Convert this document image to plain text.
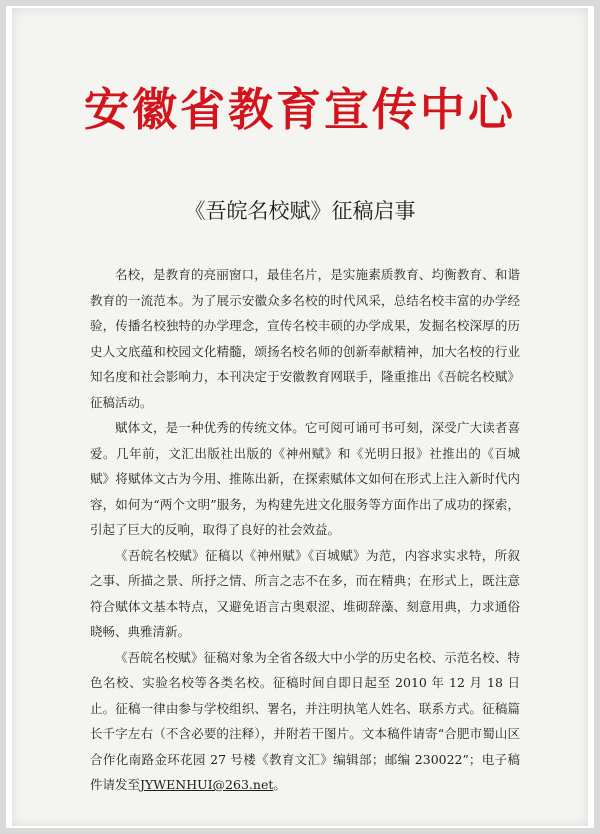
安徽省教育宣传中心
《吾皖名校赋》征稿启事

名校，是教育的亮丽窗口，最佳名片，是实施素质教育、均衡教育、和谐教育的一流范本。为了展示安徽众多名校的时代风采，总结名校丰富的办学经验，传播名校独特的办学理念，宣传名校丰硕的办学成果，发掘名校深厚的历史人文底蕴和校园文化精髓，颂扬名校名师的创新奉献精神，加大名校的行业知名度和社会影响力，本刊决定于安徽教育网联手，隆重推出《吾皖名校赋》征稿活动。

赋体文，是一种优秀的传统文体。它可阅可诵可书可刻，深受广大读者喜爱。几年前，文汇出版社出版的《神州赋》和《光明日报》社推出的《百城赋》将赋体文古为今用、推陈出新，在探索赋体文如何在形式上注入新时代内容，如何为“两个文明”服务，为构建先进文化服务等方面作出了成功的探索，引起了巨大的反响，取得了良好的社会效益。

《吾皖名校赋》征稿以《神州赋》《百城赋》为范，内容求实求特，所叙之事、所描之景、所抒之情、所言之志不在多，而在精典；在形式上，既注意符合赋体文基本特点，又避免语言古奥艰涩、堆砌辞藻、刻意用典，力求通俗晓畅、典雅清新。

《吾皖名校赋》征稿对象为全省各级大中小学的历史名校、示范名校、特色名校、实验名校等各类名校。征稿时间自即日起至 2010 年 12 月 18 日止。征稿一律由参与学校组织、署名，并注明执笔人姓名、联系方式。征稿篇长千字左右（不含必要的注释），并附若干图片。文本稿件请寄“合肥市蜀山区合作化南路金环花园 27 号楼《教育文汇》编辑部；邮编 230022”；电子稿件请发至JYWENHUI@263.net。
